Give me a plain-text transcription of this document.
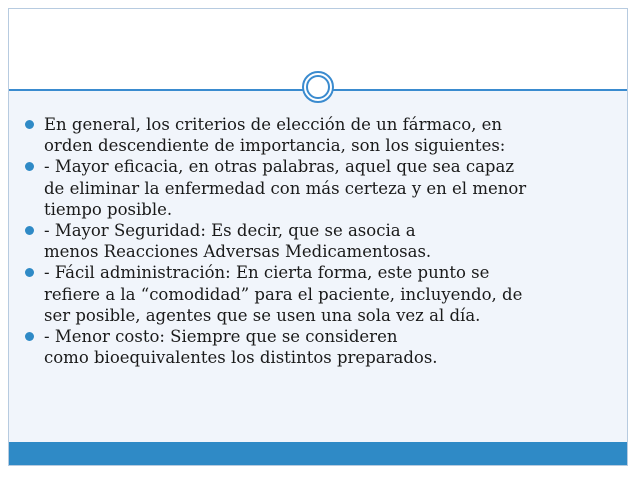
En general, los criterios de elección de un fármaco, en
orden descendiente de importancia, son los siguientes:
- Mayor eficacia, en otras palabras, aquel que sea capaz
de eliminar la enfermedad con más certeza y en el menor
tiempo posible.
- Mayor Seguridad: Es decir, que se asocia a
menos Reacciones Adversas Medicamentosas.
- Fácil administración: En cierta forma, este punto se
refiere a la “comodidad” para el paciente, incluyendo, de
ser posible, agentes que se usen una sola vez al día.
- Menor costo: Siempre que se consideren
como bioequivalentes los distintos preparados.
